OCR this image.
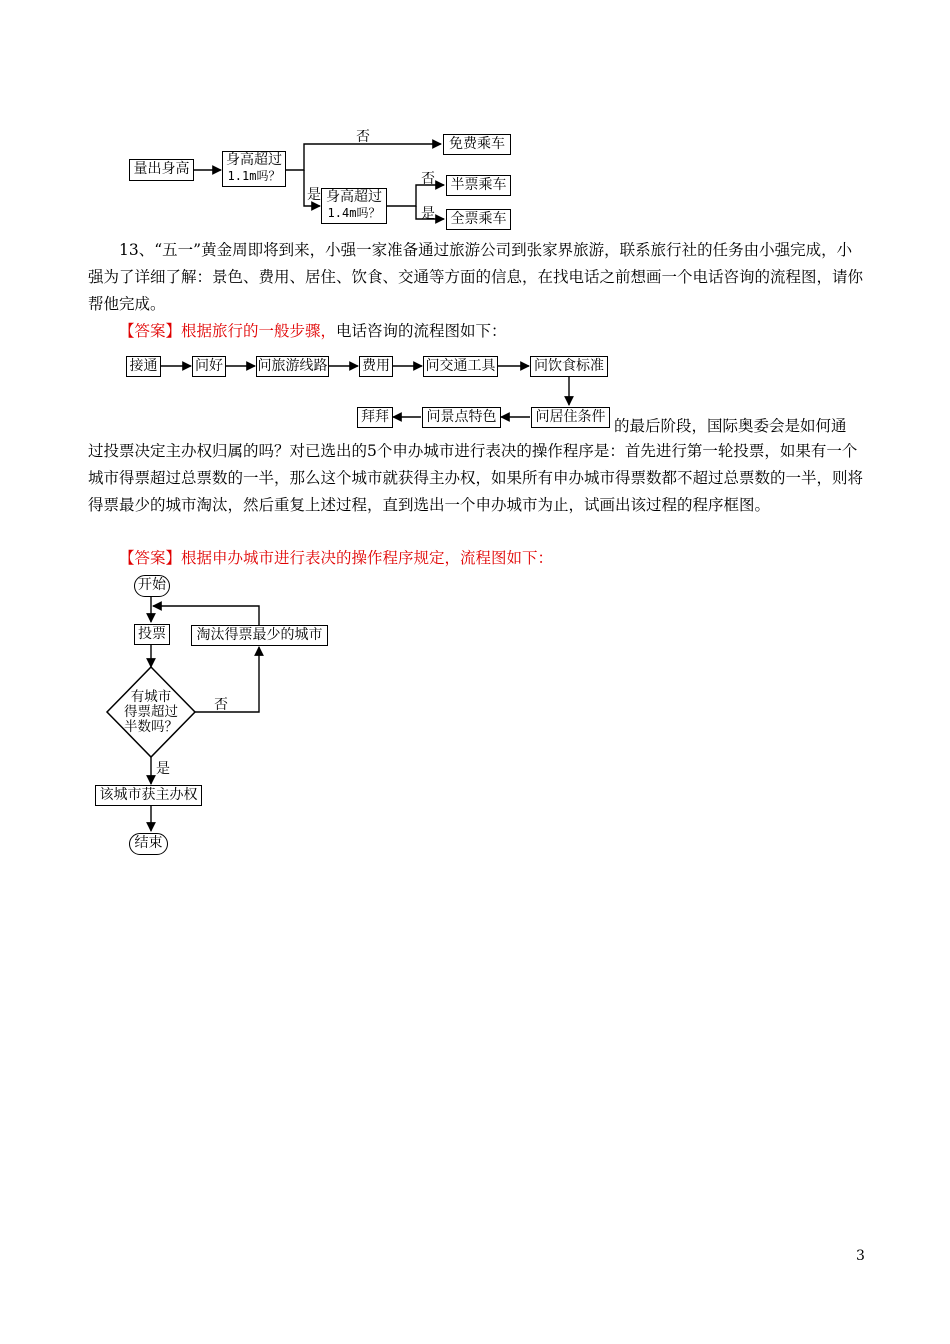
量出身高
身高超过
1.1m吗？
否	免费乘车
是 身高超过
1.4m吗？
否	半票乘车
是	全票乘车
13、“五一”黄金周即将到来，小强一家准备通过旅游公司到张家界旅游，联系旅行社的任务由小强完成，小强为了详细了解：景色、费用、居住、饮食、交通等方面的信息，在找电话之前想画一个电话咨询的流程图，请你帮他完成。
【答案】根据旅行的一般步骤，电话咨询的流程图如下：
接通	问好 问旅游线路 费用	问交通工具	问饮食标准
问居住条件
问景点特色
拜拜	的最后阶段，国际奥委会是如何通
过投票决定主办权归属的吗？对已选出的5个申办城市进行表决的操作程序是：首先进行第一轮投票，如果有一个城市得票超过总票数的一半，那么这个城市就获得主办权，如果所有申办城市得票数都不超过总票数的一半，则将得票最少的城市淘汰，然后重复上述过程，直到选出一个申办城市为止，试画出该过程的程序框图。
【答案】根据申办城市进行表决的操作程序规定，流程图如下：
开始
投票	淘汰得票最少的城市
有城市
得票超过
半数吗？
否
是
该城市获主办权
结束
3
